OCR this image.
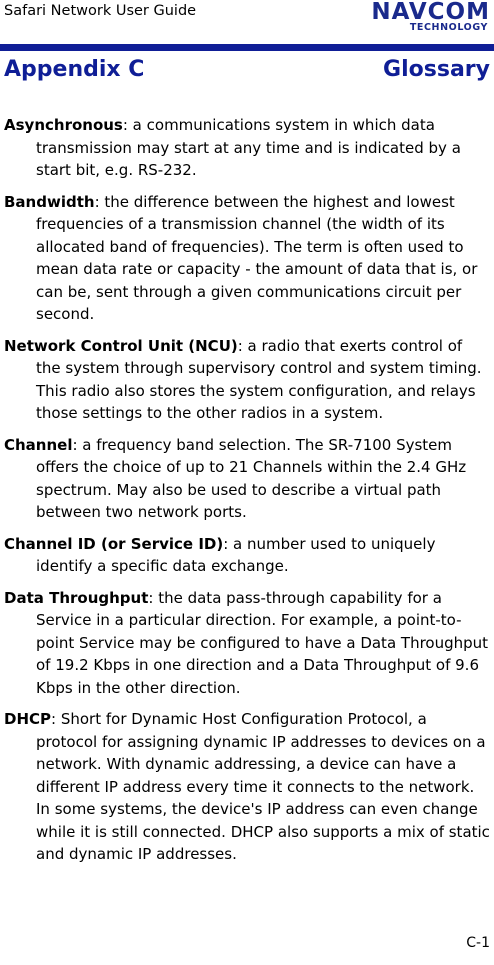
Safari Network User Guide	NAVCOM
TECHNOLOGY
Appendix C	Glossary

Asynchronous: a communications system in which data transmission may start at any time and is indicated by a start bit, e.g. RS-232.

Bandwidth: the difference between the highest and lowest frequencies of a transmission channel (the width of its allocated band of frequencies). The term is often used to mean data rate or capacity - the amount of data that is, or can be, sent through a given communications circuit per second.

Network Control Unit (NCU): a radio that exerts control of the system through supervisory control and system timing. This radio also stores the system configuration, and relays those settings to the other radios in a system.

Channel: a frequency band selection. The SR-7100 System offers the choice of up to 21 Channels within the 2.4 GHz spectrum. May also be used to describe a virtual path between two network ports.

Channel ID (or Service ID): a number used to uniquely identify a specific data exchange.

Data Throughput: the data pass-through capability for a Service in a particular direction. For example, a point-to-point Service may be configured to have a Data Throughput of 19.2 Kbps in one direction and a Data Throughput of 9.6 Kbps in the other direction.

DHCP: Short for Dynamic Host Configuration Protocol, a protocol for assigning dynamic IP addresses to devices on a network. With dynamic addressing, a device can have a different IP address every time it connects to the network. In some systems, the device's IP address can even change while it is still connected. DHCP also supports a mix of static and dynamic IP addresses.

C-1
